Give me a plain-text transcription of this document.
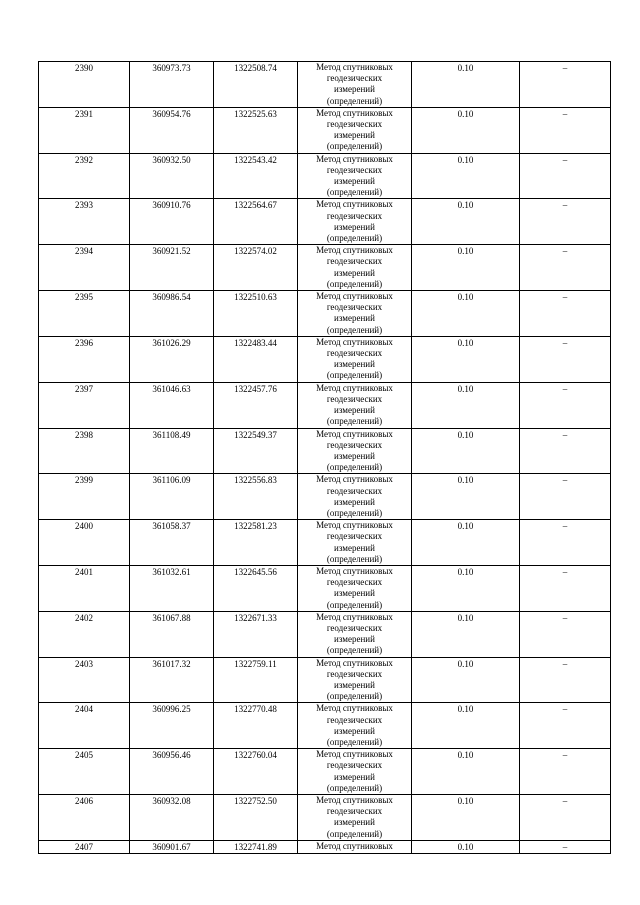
2390	360973.73	1322508.74	Метод спутниковых
геодезических
измерений
(определений)	0.10	–
2391	360954.76	1322525.63	Метод спутниковых
геодезических
измерений
(определений)	0.10	–
2392	360932.50	1322543.42	Метод спутниковых
геодезических
измерений
(определений)	0.10	–
2393	360910.76	1322564.67	Метод спутниковых
геодезических
измерений
(определений)	0.10	–
2394	360921.52	1322574.02	Метод спутниковых
геодезических
измерений
(определений)	0.10	–
2395	360986.54	1322510.63	Метод спутниковых
геодезических
измерений
(определений)	0.10	–
2396	361026.29	1322483.44	Метод спутниковых
геодезических
измерений
(определений)	0.10	–
2397	361046.63	1322457.76	Метод спутниковых
геодезических
измерений
(определений)	0.10	–
2398	361108.49	1322549.37	Метод спутниковых
геодезических
измерений
(определений)	0.10	–
2399	361106.09	1322556.83	Метод спутниковых
геодезических
измерений
(определений)	0.10	–
2400	361058.37	1322581.23	Метод спутниковых
геодезических
измерений
(определений)	0.10	–
2401	361032.61	1322645.56	Метод спутниковых
геодезических
измерений
(определений)	0.10	–
2402	361067.88	1322671.33	Метод спутниковых
геодезических
измерений
(определений)	0.10	–
2403	361017.32	1322759.11	Метод спутниковых
геодезических
измерений
(определений)	0.10	–
2404	360996.25	1322770.48	Метод спутниковых
геодезических
измерений
(определений)	0.10	–
2405	360956.46	1322760.04	Метод спутниковых
геодезических
измерений
(определений)	0.10	–
2406	360932.08	1322752.50	Метод спутниковых
геодезических
измерений
(определений)	0.10	–
2407	360901.67	1322741.89	Метод спутниковых	0.10	–
